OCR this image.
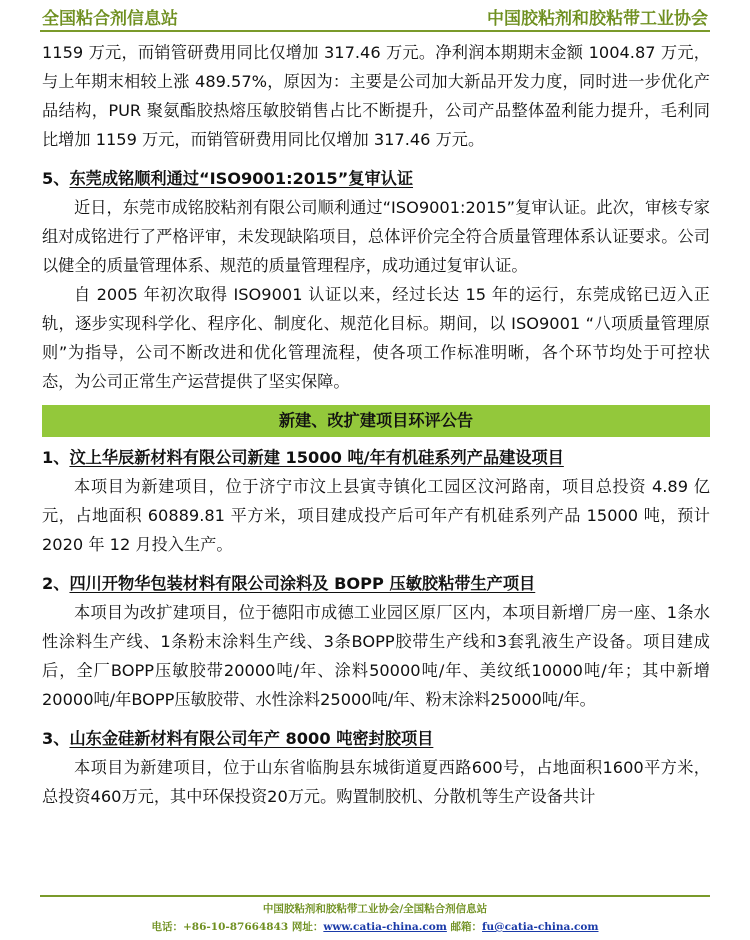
全国粘合剂信息站	中国胶粘剂和胶粘带工业协会

1159 万元，而销管研费用同比仅增加 317.46 万元。净利润本期期末金额 1004.87 万元，与上年期末相较上涨 489.57%，原因为：主要是公司加大新品开发力度，同时进一步优化产品结构，PUR 聚氨酯胶热熔压敏胶销售占比不断提升，公司产品整体盈利能力提升，毛利同比增加 1159 万元，而销管研费用同比仅增加 317.46 万元。

5、东莞成铭顺利通过“ISO9001:2015”复审认证

近日，东莞市成铭胶粘剂有限公司顺利通过“ISO9001:2015”复审认证。此次，审核专家组对成铭进行了严格评审，未发现缺陷项目，总体评价完全符合质量管理体系认证要求。公司以健全的质量管理体系、规范的质量管理程序，成功通过复审认证。

自 2005 年初次取得 ISO9001 认证以来，经过长达 15 年的运行，东莞成铭已迈入正轨，逐步实现科学化、程序化、制度化、规范化目标。期间，以 ISO9001 “八项质量管理原则”为指导，公司不断改进和优化管理流程，使各项工作标准明晰，各个环节均处于可控状态，为公司正常生产运营提供了坚实保障。

新建、改扩建项目环评公告
1、汶上华辰新材料有限公司新建 15000 吨/年有机硅系列产品建设项目

本项目为新建项目，位于济宁市汶上县寅寺镇化工园区汶河路南，项目总投资 4.89 亿元，占地面积 60889.81 平方米，项目建成投产后可年产有机硅系列产品 15000 吨，预计 2020 年 12 月投入生产。

2、四川开物华包装材料有限公司涂料及 BOPP 压敏胶粘带生产项目

本项目为改扩建项目，位于德阳市成德工业园区原厂区内，本项目新增厂房一座、1条水性涂料生产线、1条粉末涂料生产线、3条BOPP胶带生产线和3套乳液生产设备。项目建成后，全厂BOPP压敏胶带20000吨/年、涂料50000吨/年、美纹纸10000吨/年；其中新增20000吨/年BOPP压敏胶带、水性涂料25000吨/年、粉末涂料25000吨/年。

3、山东金硅新材料有限公司年产 8000 吨密封胶项目

本项目为新建项目，位于山东省临朐县东城街道夏西路600号，占地面积1600平方米，总投资460万元，其中环保投资20万元。购置制胶机、分散机等生产设备共计

中国胶粘剂和胶粘带工业协会/全国粘合剂信息站
电话：+86-10-87664843 网址：www.catia-china.com 邮箱：fu@catia-china.com
